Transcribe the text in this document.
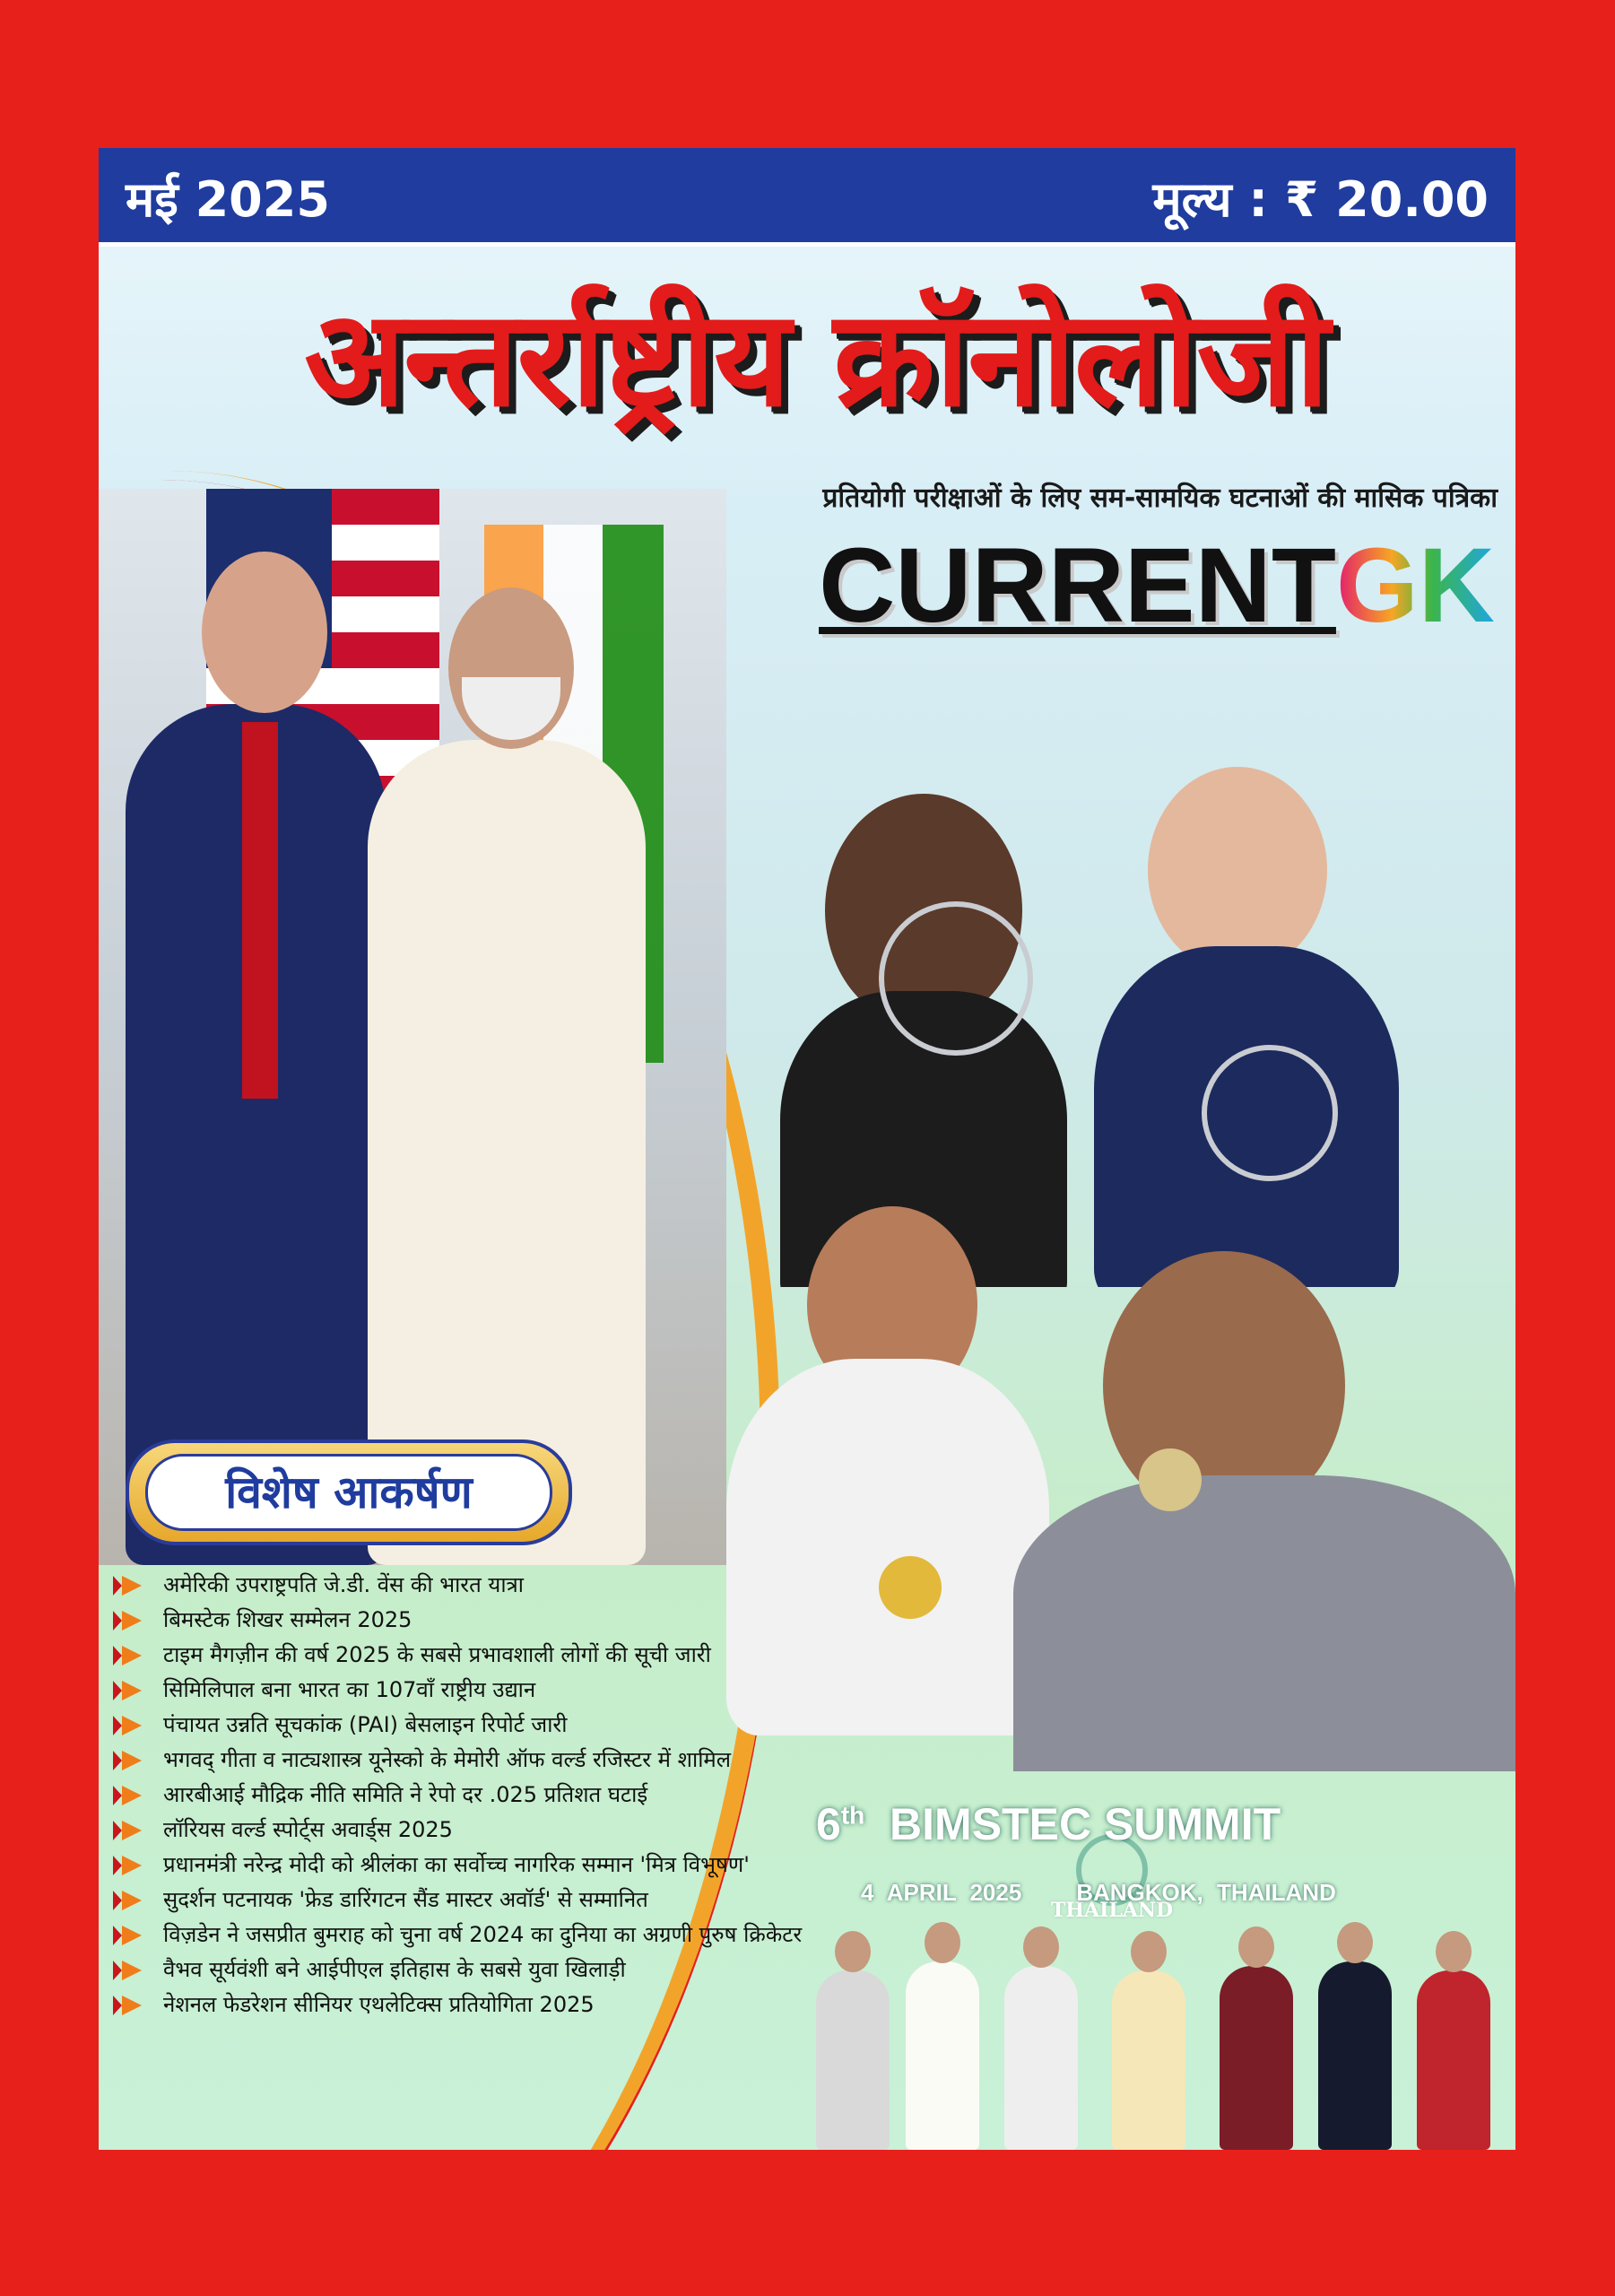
मई 2025	मूल्य : ₹ 20.00
अन्तर्राष्ट्रीय क्रॉनोलोजी
प्रतियोगी परीक्षाओं के लिए सम-सामयिक घटनाओं की मासिक पत्रिका
CURRENTGK
THAILAND
6th BIMSTEC SUMMIT
4 APRIL 2025 BANGKOK, THAILAND
विशेष आकर्षण
अमेरिकी उपराष्ट्रपति जे.डी. वेंस की भारत यात्रा
बिमस्टेक शिखर सम्मेलन 2025
टाइम मैगज़ीन की वर्ष 2025 के सबसे प्रभावशाली लोगों की सूची जारी
सिमिलिपाल बना भारत का 107वाँ राष्ट्रीय उद्यान
पंचायत उन्नति सूचकांक (PAI) बेसलाइन रिपोर्ट जारी
भगवद् गीता व नाट्यशास्त्र यूनेस्को के मेमोरी ऑफ वर्ल्ड रजिस्टर में शामिल
आरबीआई मौद्रिक नीति समिति ने रेपो दर .025 प्रतिशत घटाई
लॉरियस वर्ल्ड स्पोर्ट्स अवार्ड्स 2025
प्रधानमंत्री नरेन्द्र मोदी को श्रीलंका का सर्वोच्च नागरिक सम्मान 'मित्र विभूषण'
सुदर्शन पटनायक 'फ्रेड डारिंगटन सैंड मास्टर अवॉर्ड' से सम्मानित
विज़डेन ने जसप्रीत बुमराह को चुना वर्ष 2024 का दुनिया का अग्रणी पुरुष क्रिकेटर
वैभव सूर्यवंशी बने आईपीएल इतिहास के सबसे युवा खिलाड़ी
नेशनल फेडरेशन सीनियर एथलेटिक्स प्रतियोगिता 2025
